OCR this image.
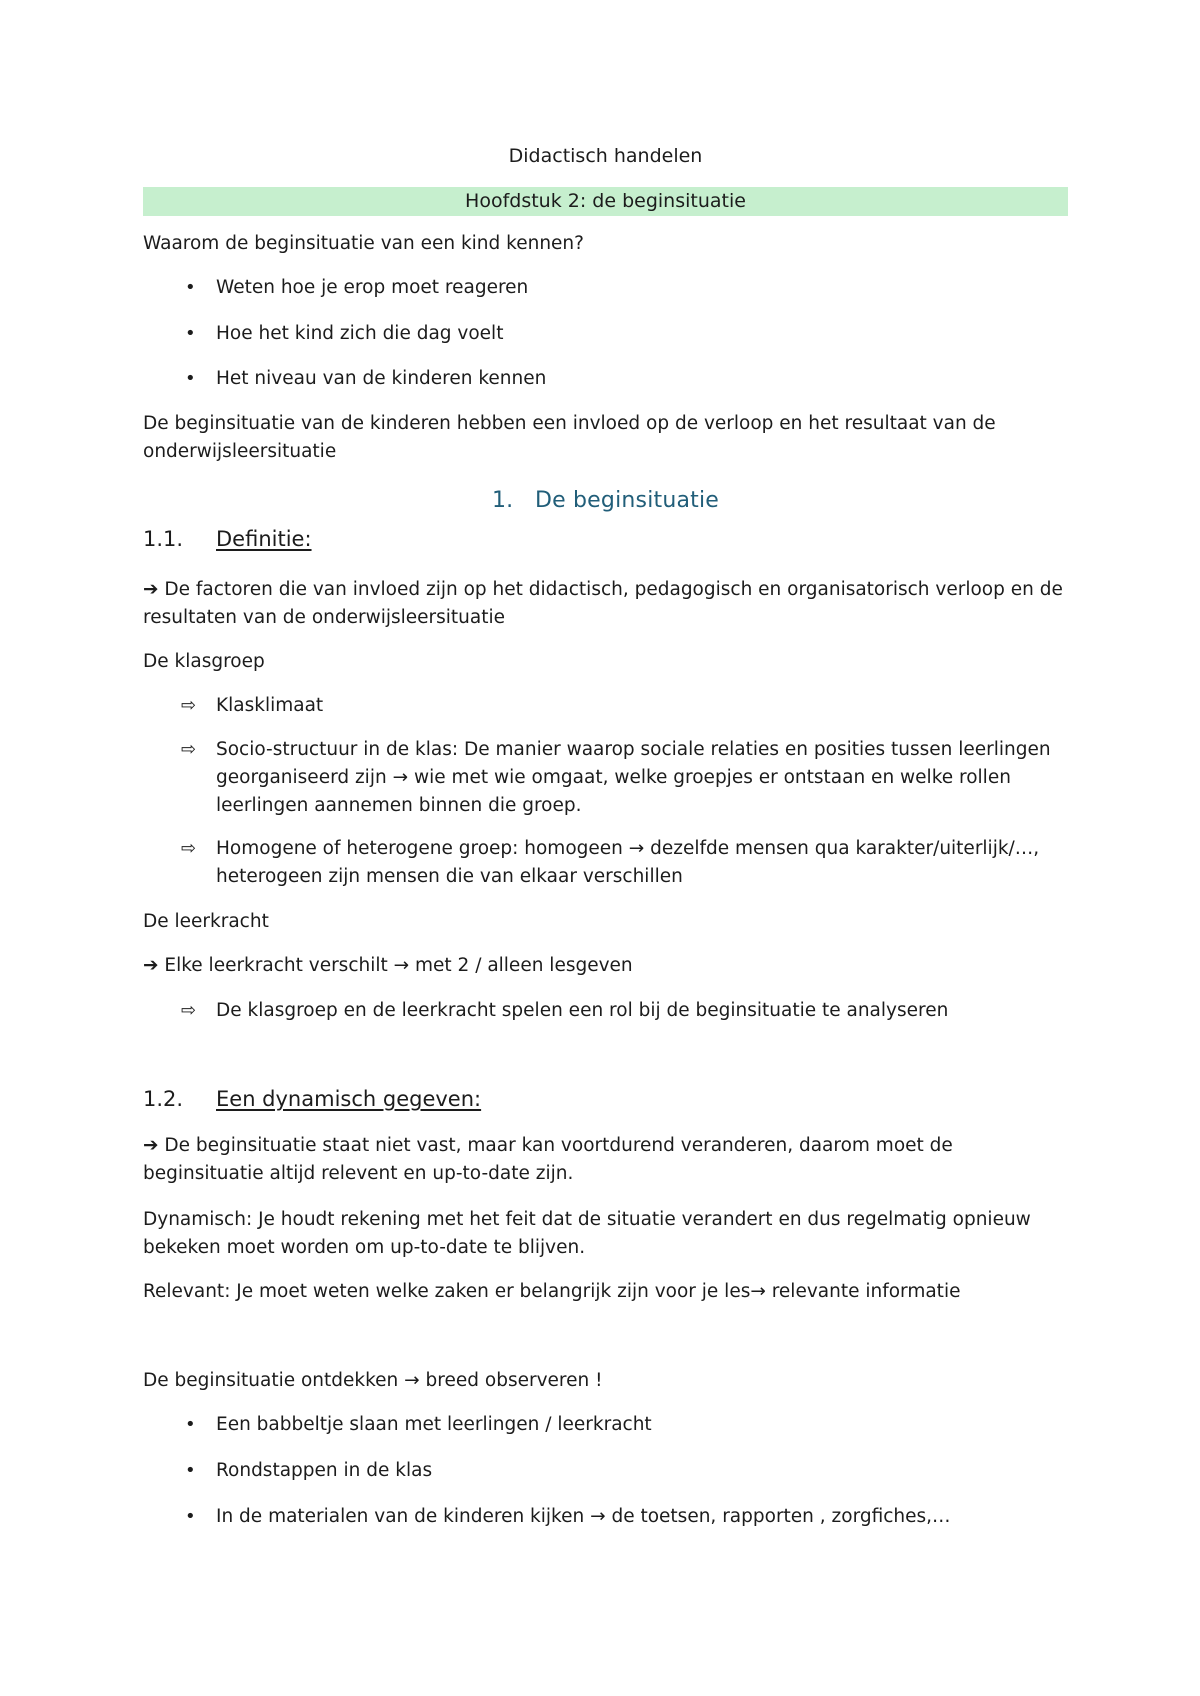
Didactisch handelen
Hoofdstuk 2: de beginsituatie
Waarom de beginsituatie van een kind kennen?
• Weten hoe je erop moet reageren
• Hoe het kind zich die dag voelt
• Het niveau van de kinderen kennen
De beginsituatie van de kinderen hebben een invloed op de verloop en het resultaat van de onderwijsleersituatie
1. De beginsituatie
1.1. Definitie:
➔ De factoren die van invloed zijn op het didactisch, pedagogisch en organisatorisch verloop en de resultaten van de onderwijsleersituatie
De klasgroep
⇨ Klasklimaat
⇨ Socio-structuur in de klas: De manier waarop sociale relaties en posities tussen leerlingen georganiseerd zijn → wie met wie omgaat, welke groepjes er ontstaan en welke rollen leerlingen aannemen binnen die groep.
⇨ Homogene of heterogene groep: homogeen → dezelfde mensen qua karakter/uiterlijk/…, heterogeen zijn mensen die van elkaar verschillen
De leerkracht
➔ Elke leerkracht verschilt → met 2 / alleen lesgeven
⇨ De klasgroep en de leerkracht spelen een rol bij de beginsituatie te analyseren
1.2. Een dynamisch gegeven:
➔ De beginsituatie staat niet vast, maar kan voortdurend veranderen, daarom moet de beginsituatie altijd relevent en up-to-date zijn.
Dynamisch: Je houdt rekening met het feit dat de situatie verandert en dus regelmatig opnieuw bekeken moet worden om up-to-date te blijven.
Relevant: Je moet weten welke zaken er belangrijk zijn voor je les→ relevante informatie
De beginsituatie ontdekken → breed observeren !
• Een babbeltje slaan met leerlingen / leerkracht
• Rondstappen in de klas
• In de materialen van de kinderen kijken → de toetsen, rapporten , zorgfiches,…
